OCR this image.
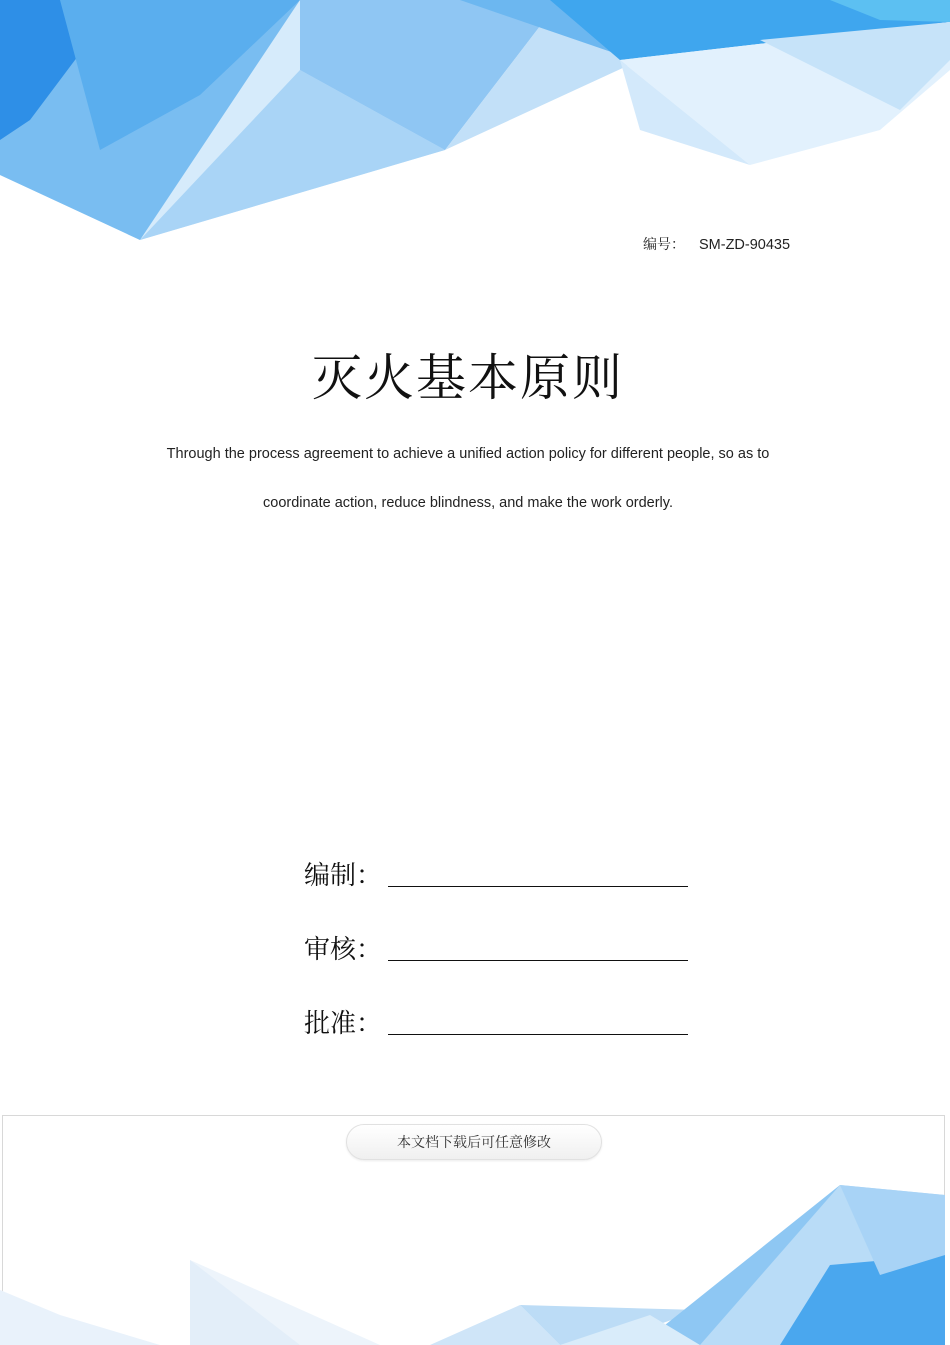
编号： SM-ZD-90435
灭火基本原则
Through the process agreement to achieve a unified action policy for different people, so as to
coordinate action, reduce blindness, and make the work orderly.
编制：
审核：
批准：
本文档下载后可任意修改
